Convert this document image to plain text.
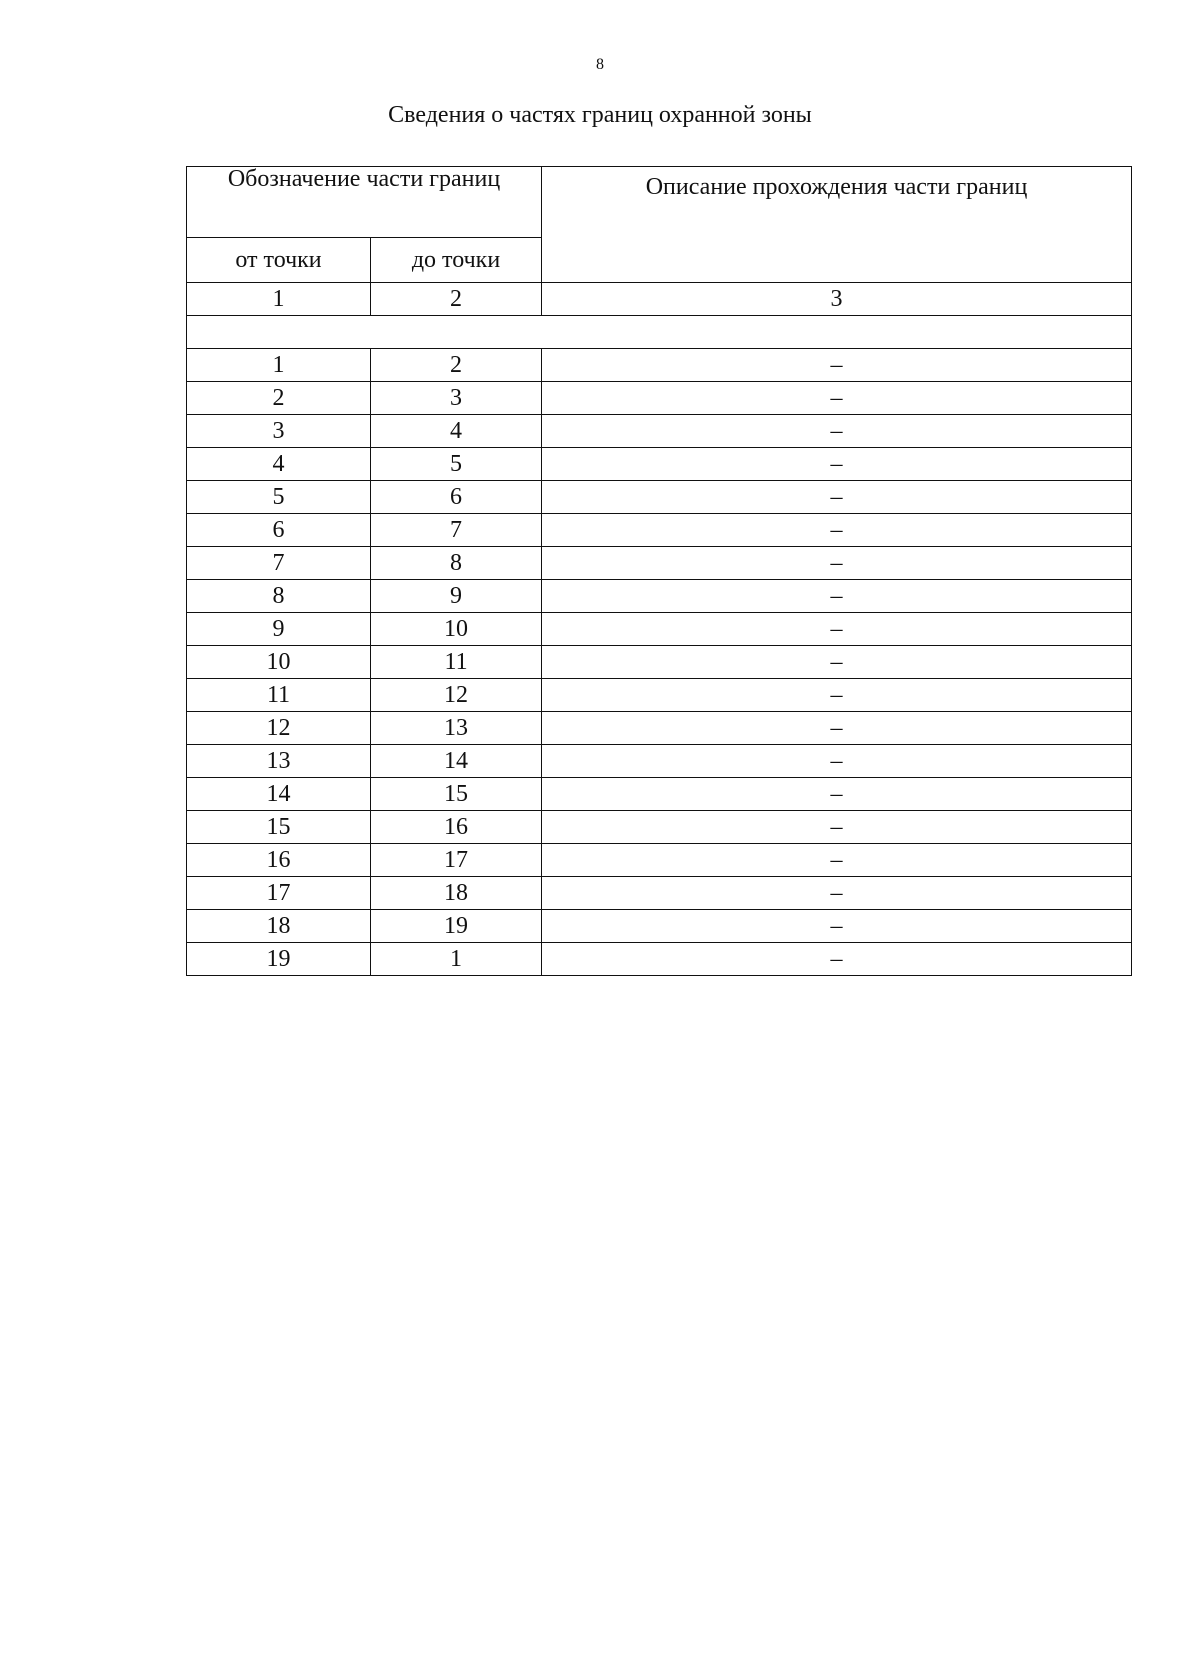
8
Сведения о частях границ охранной зоны
Обозначение части границ		Описание прохождения части границ
от точки	до точки	
1	2	3

1	2	–
2	3	–
3	4	–
4	5	–
5	6	–
6	7	–
7	8	–
8	9	–
9	10	–
10	11	–
11	12	–
12	13	–
13	14	–
14	15	–
15	16	–
16	17	–
17	18	–
18	19	–
19	1	–
